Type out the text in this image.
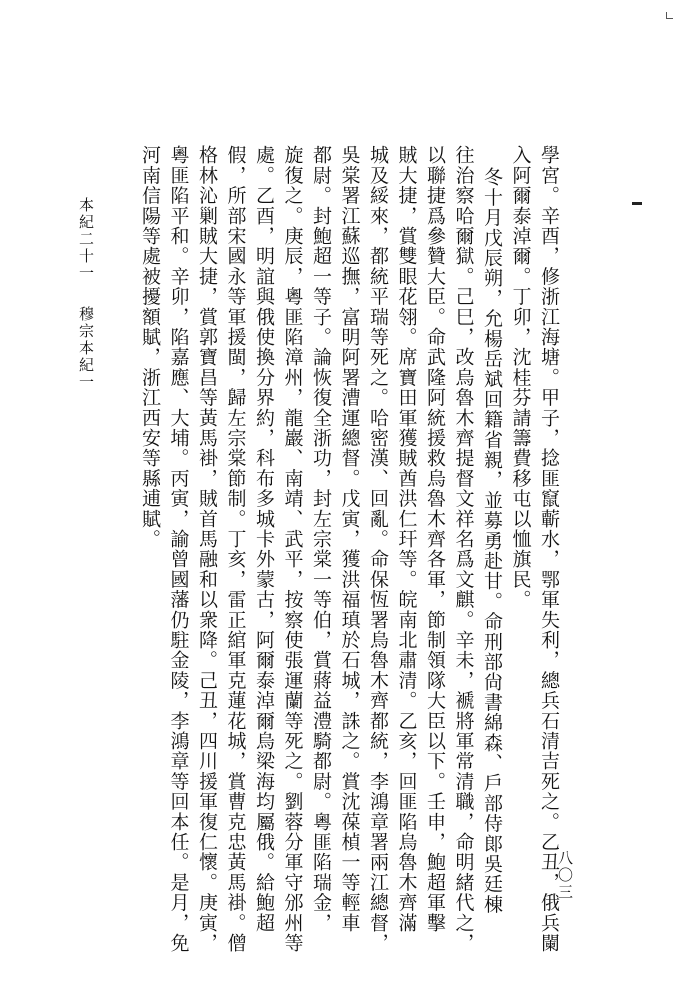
學宮。辛酉，修浙江海塘。甲子，捻匪竄蘄水，鄂軍失利，總兵石清吉死之。乙丑，俄兵闌
入阿爾泰淖爾。丁卯，沈桂芬請籌費移屯以恤旗民。
冬十月戊辰朔，允楊岳斌回籍省親，並募勇赴甘。命刑部尙書綿森、戶部侍郞吳廷棟
往治察哈爾獄。己巳，改烏魯木齊提督文祥名爲文麒。辛未，褫將軍常清職，命明緒代之，
以聯捷爲參贊大臣。命武隆阿統援救烏魯木齊各軍，節制領隊大臣以下。壬申，鮑超軍擊
賊大捷，賞雙眼花翎。席寶田軍獲賊酋洪仁玕等。皖南北肅清。乙亥，回匪陷烏魯木齊滿
城及綏來，都統平瑞等死之。哈密漢、回亂。命保恆署烏魯木齊都統，李鴻章署兩江總督，
吳棠署江蘇巡撫，富明阿署漕運總督。戊寅，獲洪福瑱於石城，誅之。賞沈葆楨一等輕車
都尉。封鮑超一等子。論恢復全浙功，封左宗棠一等伯，賞蔣益澧騎都尉。粵匪陷瑞金，
旋復之。庚辰，粵匪陷漳州，龍巖、南靖、武平，按察使張運蘭等死之。劉蓉分軍守邠州等
處。乙酉，明誼與俄使換分界約，科布多城卡外蒙古，阿爾泰淖爾烏梁海均屬俄。給鮑超
假，所部宋國永等軍援閩，歸左宗棠節制。丁亥，雷正綰軍克蓮花城，賞曹克忠黃馬褂。僧
格林沁剿賊大捷，賞郭寶昌等黃馬褂，賊首馬融和以衆降。己丑，四川援軍復仁懷。庚寅，
粵匪陷平和。辛卯，陷嘉應、大埔。丙寅，諭曾國藩仍駐金陵，李鴻章等回本任。是月，免
河南信陽等處被擾額賦，浙江西安等縣逋賦。
本紀二十一穆宗本紀一
八〇三
